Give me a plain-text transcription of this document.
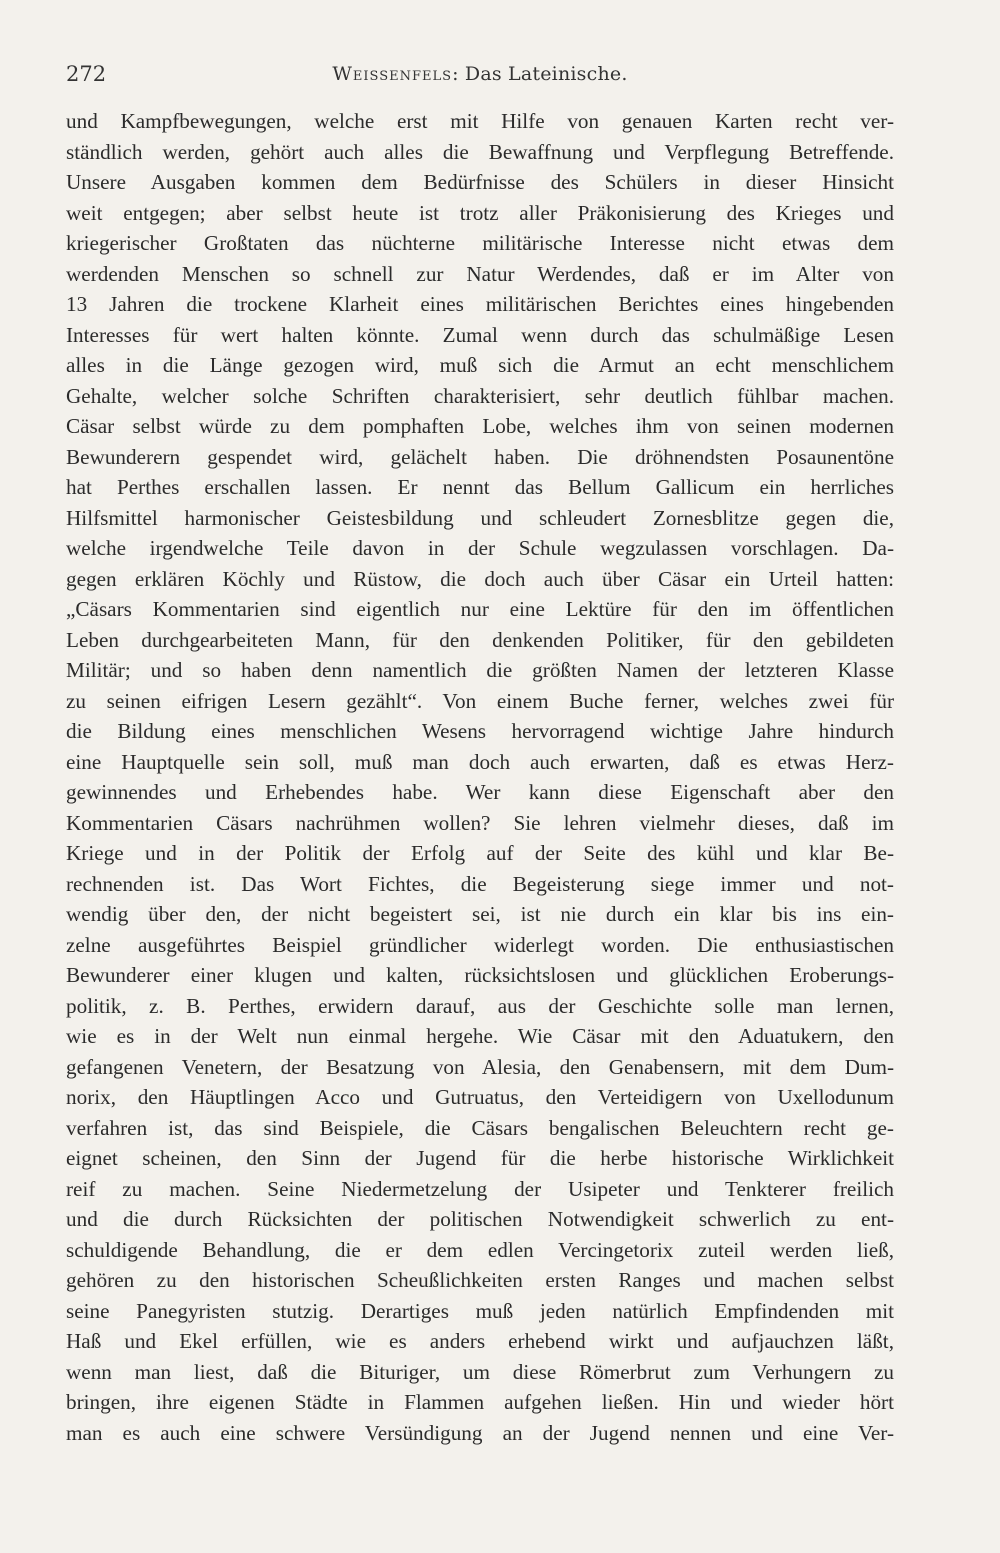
272	Weissenfels: Das Lateinische.
und Kampfbewegungen, welche erst mit Hilfe von genauen Karten recht ver-
ständlich werden, gehört auch alles die Bewaffnung und Verpflegung Betreffende.
Unsere Ausgaben kommen dem Bedürfnisse des Schülers in dieser Hinsicht
weit entgegen; aber selbst heute ist trotz aller Präkonisierung des Krieges und
kriegerischer Großtaten das nüchterne militärische Interesse nicht etwas dem
werdenden Menschen so schnell zur Natur Werdendes, daß er im Alter von
13 Jahren die trockene Klarheit eines militärischen Berichtes eines hingebenden
Interesses für wert halten könnte. Zumal wenn durch das schulmäßige Lesen
alles in die Länge gezogen wird, muß sich die Armut an echt menschlichem
Gehalte, welcher solche Schriften charakterisiert, sehr deutlich fühlbar machen.
Cäsar selbst würde zu dem pomphaften Lobe, welches ihm von seinen modernen
Bewunderern gespendet wird, gelächelt haben. Die dröhnendsten Posaunentöne
hat Perthes erschallen lassen. Er nennt das Bellum Gallicum ein herrliches
Hilfsmittel harmonischer Geistesbildung und schleudert Zornesblitze gegen die,
welche irgendwelche Teile davon in der Schule wegzulassen vorschlagen. Da-
gegen erklären Köchly und Rüstow, die doch auch über Cäsar ein Urteil hatten:
„Cäsars Kommentarien sind eigentlich nur eine Lektüre für den im öffentlichen
Leben durchgearbeiteten Mann, für den denkenden Politiker, für den gebildeten
Militär; und so haben denn namentlich die größten Namen der letzteren Klasse
zu seinen eifrigen Lesern gezählt“. Von einem Buche ferner, welches zwei für
die Bildung eines menschlichen Wesens hervorragend wichtige Jahre hindurch
eine Hauptquelle sein soll, muß man doch auch erwarten, daß es etwas Herz-
gewinnendes und Erhebendes habe. Wer kann diese Eigenschaft aber den
Kommentarien Cäsars nachrühmen wollen? Sie lehren vielmehr dieses, daß im
Kriege und in der Politik der Erfolg auf der Seite des kühl und klar Be-
rechnenden ist. Das Wort Fichtes, die Begeisterung siege immer und not-
wendig über den, der nicht begeistert sei, ist nie durch ein klar bis ins ein-
zelne ausgeführtes Beispiel gründlicher widerlegt worden. Die enthusiastischen
Bewunderer einer klugen und kalten, rücksichtslosen und glücklichen Eroberungs-
politik, z. B. Perthes, erwidern darauf, aus der Geschichte solle man lernen,
wie es in der Welt nun einmal hergehe. Wie Cäsar mit den Aduatukern, den
gefangenen Venetern, der Besatzung von Alesia, den Genabensern, mit dem Dum-
norix, den Häuptlingen Acco und Gutruatus, den Verteidigern von Uxellodunum
verfahren ist, das sind Beispiele, die Cäsars bengalischen Beleuchtern recht ge-
eignet scheinen, den Sinn der Jugend für die herbe historische Wirklichkeit
reif zu machen. Seine Niedermetzelung der Usipeter und Tenkterer freilich
und die durch Rücksichten der politischen Notwendigkeit schwerlich zu ent-
schuldigende Behandlung, die er dem edlen Vercingetorix zuteil werden ließ,
gehören zu den historischen Scheußlichkeiten ersten Ranges und machen selbst
seine Panegyristen stutzig. Derartiges muß jeden natürlich Empfindenden mit
Haß und Ekel erfüllen, wie es anders erhebend wirkt und aufjauchzen läßt,
wenn man liest, daß die Bituriger, um diese Römerbrut zum Verhungern zu
bringen, ihre eigenen Städte in Flammen aufgehen ließen. Hin und wieder hört
man es auch eine schwere Versündigung an der Jugend nennen und eine Ver-
